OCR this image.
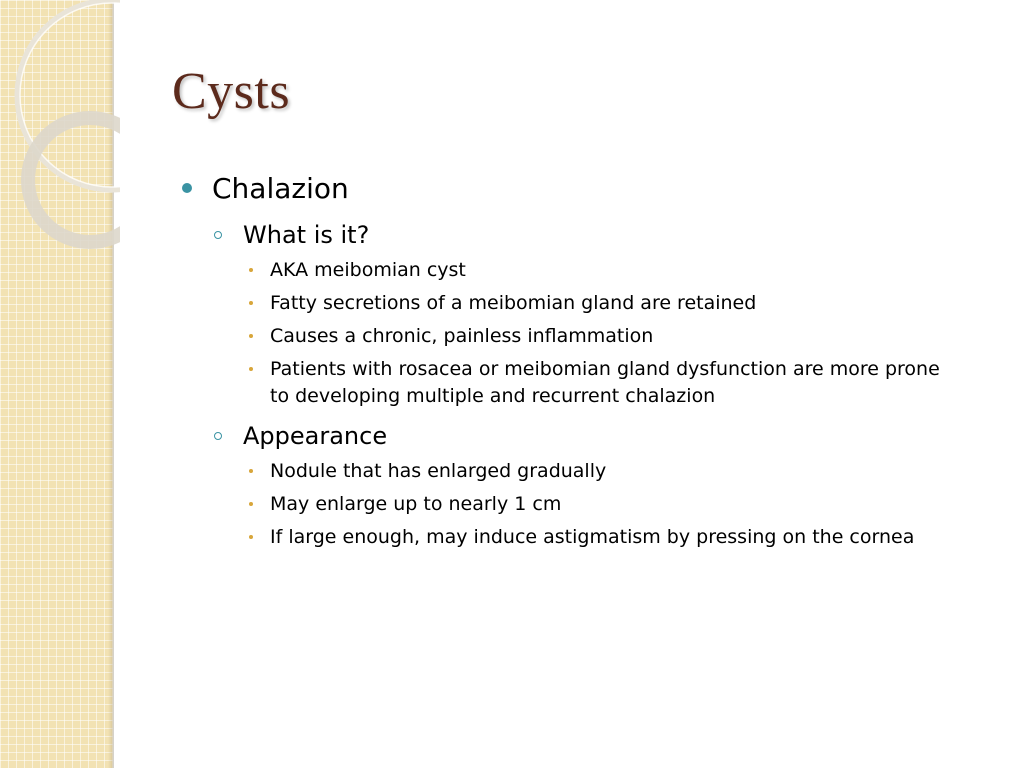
Cysts
Chalazion
What is it?
AKA meibomian cyst
Fatty secretions of a meibomian gland are retained
Causes a chronic, painless inflammation
Patients with rosacea or meibomian gland dysfunction are more prone to developing multiple and recurrent chalazion
Appearance
Nodule that has enlarged gradually
May enlarge up to nearly 1 cm
If large enough, may induce astigmatism by pressing on the cornea
